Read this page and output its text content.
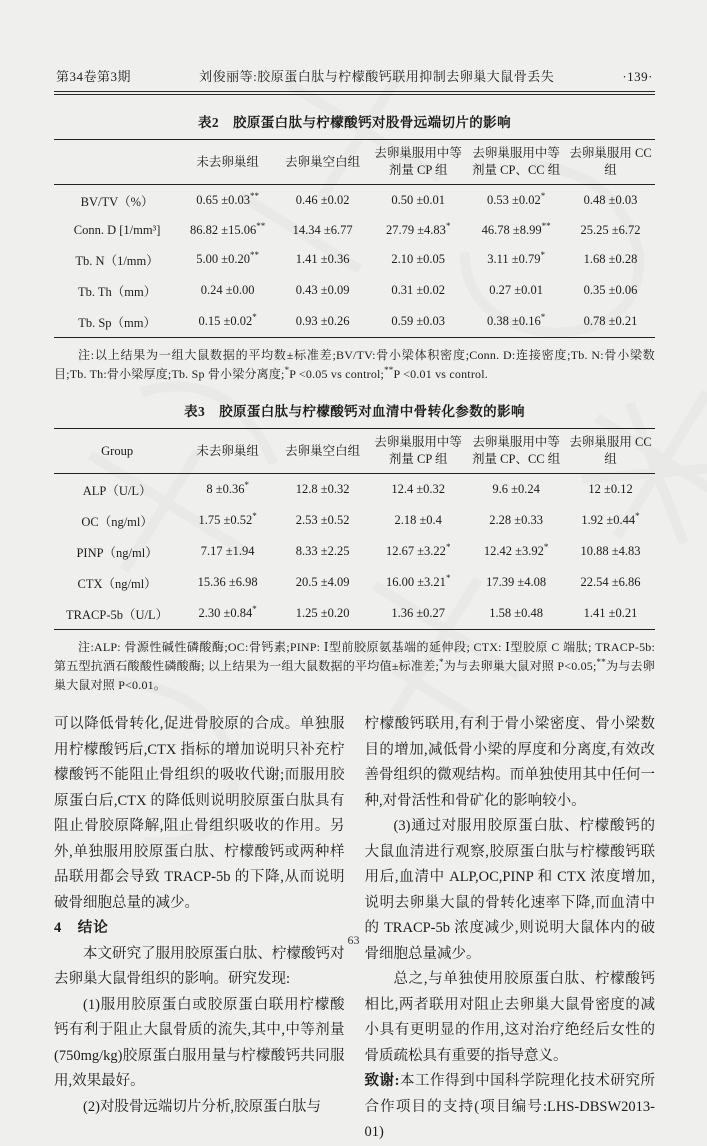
第34卷第3期	刘俊丽等:胶原蛋白肽与柠檬酸钙联用抑制去卵巢大鼠骨丢失	·139·
表2　胶原蛋白肽与柠檬酸钙对股骨远端切片的影响
	未去卵巢组	去卵巢空白组	去卵巢服用中等 剂量 CP 组	去卵巢服用中等 剂量 CP、CC 组	去卵巢服用 CC 组
BV/TV（%）	0.65 ±0.03**	0.46 ±0.02	0.50 ±0.01	0.53 ±0.02*	0.48 ±0.03
Conn. D [1/mm³]	86.82 ±15.06**	14.34 ±6.77	27.79 ±4.83*	46.78 ±8.99**	25.25 ±6.72
Tb. N（1/mm）	5.00 ±0.20**	1.41 ±0.36	2.10 ±0.05	3.11 ±0.79*	1.68 ±0.28
Tb. Th（mm）	0.24 ±0.00	0.43 ±0.09	0.31 ±0.02	0.27 ±0.01	0.35 ±0.06
Tb. Sp（mm）	0.15 ±0.02*	0.93 ±0.26	0.59 ±0.03	0.38 ±0.16*	0.78 ±0.21
注:以上结果为一组大鼠数据的平均数±标准差;BV/TV:骨小梁体积密度;Conn. D:连接密度;Tb. N:骨小梁数目;Tb. Th:骨小梁厚度;Tb. Sp 骨小梁分离度;*P <0.05 vs control;**P <0.01 vs control.
表3　胶原蛋白肽与柠檬酸钙对血清中骨转化参数的影响
Group	未去卵巢组	去卵巢空白组	去卵巢服用中等 剂量 CP 组	去卵巢服用中等 剂量 CP、CC 组	去卵巢服用 CC 组
ALP（U/L）	8 ±0.36*	12.8 ±0.32	12.4 ±0.32	9.6 ±0.24	12 ±0.12
OC（ng/ml）	1.75 ±0.52*	2.53 ±0.52	2.18 ±0.4	2.28 ±0.33	1.92 ±0.44*
PINP（ng/ml）	7.17 ±1.94	8.33 ±2.25	12.67 ±3.22*	12.42 ±3.92*	10.88 ±4.83
CTX（ng/ml）	15.36 ±6.98	20.5 ±4.09	16.00 ±3.21*	17.39 ±4.08	22.54 ±6.86
TRACP-5b（U/L）	2.30 ±0.84*	1.25 ±0.20	1.36 ±0.27	1.58 ±0.48	1.41 ±0.21
注:ALP: 骨源性碱性磷酸酶;OC:骨钙素;PINP: Ⅰ型前胶原氨基端的延伸段; CTX: Ⅰ型胶原 C 端肽; TRACP-5b: 第五型抗酒石酸酸性磷酸酶; 以上结果为一组大鼠数据的平均值±标准差;*为与去卵巢大鼠对照 P<0.05;**为与去卵巢大鼠对照 P<0.01。

可以降低骨转化,促进骨胶原的合成。单独服用柠檬酸钙后,CTX 指标的增加说明只补充柠檬酸钙不能阻止骨组织的吸收代谢;而服用胶原蛋白后,CTX 的降低则说明胶原蛋白肽具有阻止骨胶原降解,阻止骨组织吸收的作用。另外,单独服用胶原蛋白肽、柠檬酸钙或两种样品联用都会导致 TRACP-5b 的下降,从而说明破骨细胞总量的减少。

4　结论

本文研究了服用胶原蛋白肽、柠檬酸钙对去卵巢大鼠骨组织的影响。研究发现:

(1)服用胶原蛋白或胶原蛋白联用柠檬酸钙有利于阻止大鼠骨质的流失,其中,中等剂量(750mg/kg)胶原蛋白服用量与柠檬酸钙共同服用,效果最好。

(2)对股骨远端切片分析,胶原蛋白肽与

柠檬酸钙联用,有利于骨小梁密度、骨小梁数目的增加,减低骨小梁的厚度和分离度,有效改善骨组织的微观结构。而单独使用其中任何一种,对骨活性和骨矿化的影响较小。

(3)通过对服用胶原蛋白肽、柠檬酸钙的大鼠血清进行观察,胶原蛋白肽与柠檬酸钙联用后,血清中 ALP,OC,PINP 和 CTX 浓度增加,说明去卵巢大鼠的骨转化速率下降,而血清中的 TRACP-5b 浓度减少,则说明大鼠体内的破骨细胞总量减少。

总之,与单独使用胶原蛋白肽、柠檬酸钙相比,两者联用对阻止去卵巢大鼠骨密度的减小具有更明显的作用,这对治疗绝经后女性的骨质疏松具有重要的指导意义。

致谢:本工作得到中国科学院理化技术研究所合作项目的支持(项目编号:LHS-DBSW2013-01)

63
